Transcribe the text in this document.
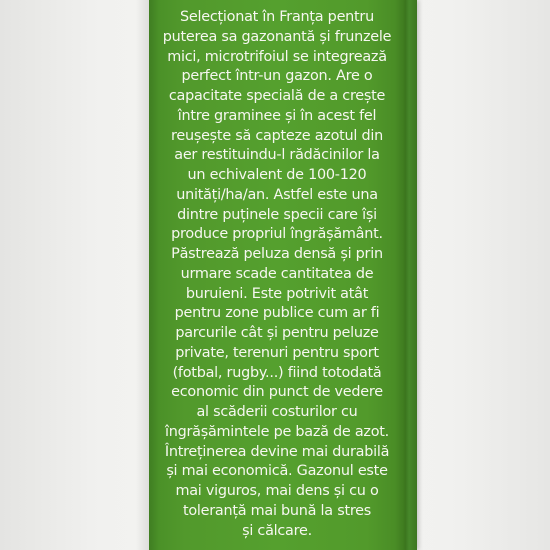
Selecționat în Franța pentru
puterea sa gazonantă și frunzele
mici, microtrifoiul se integrează
perfect într-un gazon. Are o
capacitate specială de a crește
între graminee și în acest fel
reușește să capteze azotul din
aer restituindu-l rădăcinilor la
un echivalent de 100-120
unități/ha/an. Astfel este una
dintre puținele specii care își
produce propriul îngrășământ.
Păstrează peluza densă și prin
urmare scade cantitatea de
buruieni. Este potrivit atât
pentru zone publice cum ar fi
parcurile cât și pentru peluze
private, terenuri pentru sport
(fotbal, rugby...) fiind totodată
economic din punct de vedere
al scăderii costurilor cu
îngrășămintele pe bază de azot.
Întreținerea devine mai durabilă
și mai economică. Gazonul este
mai viguros, mai dens și cu o
toleranță mai bună la stres
și călcare.
